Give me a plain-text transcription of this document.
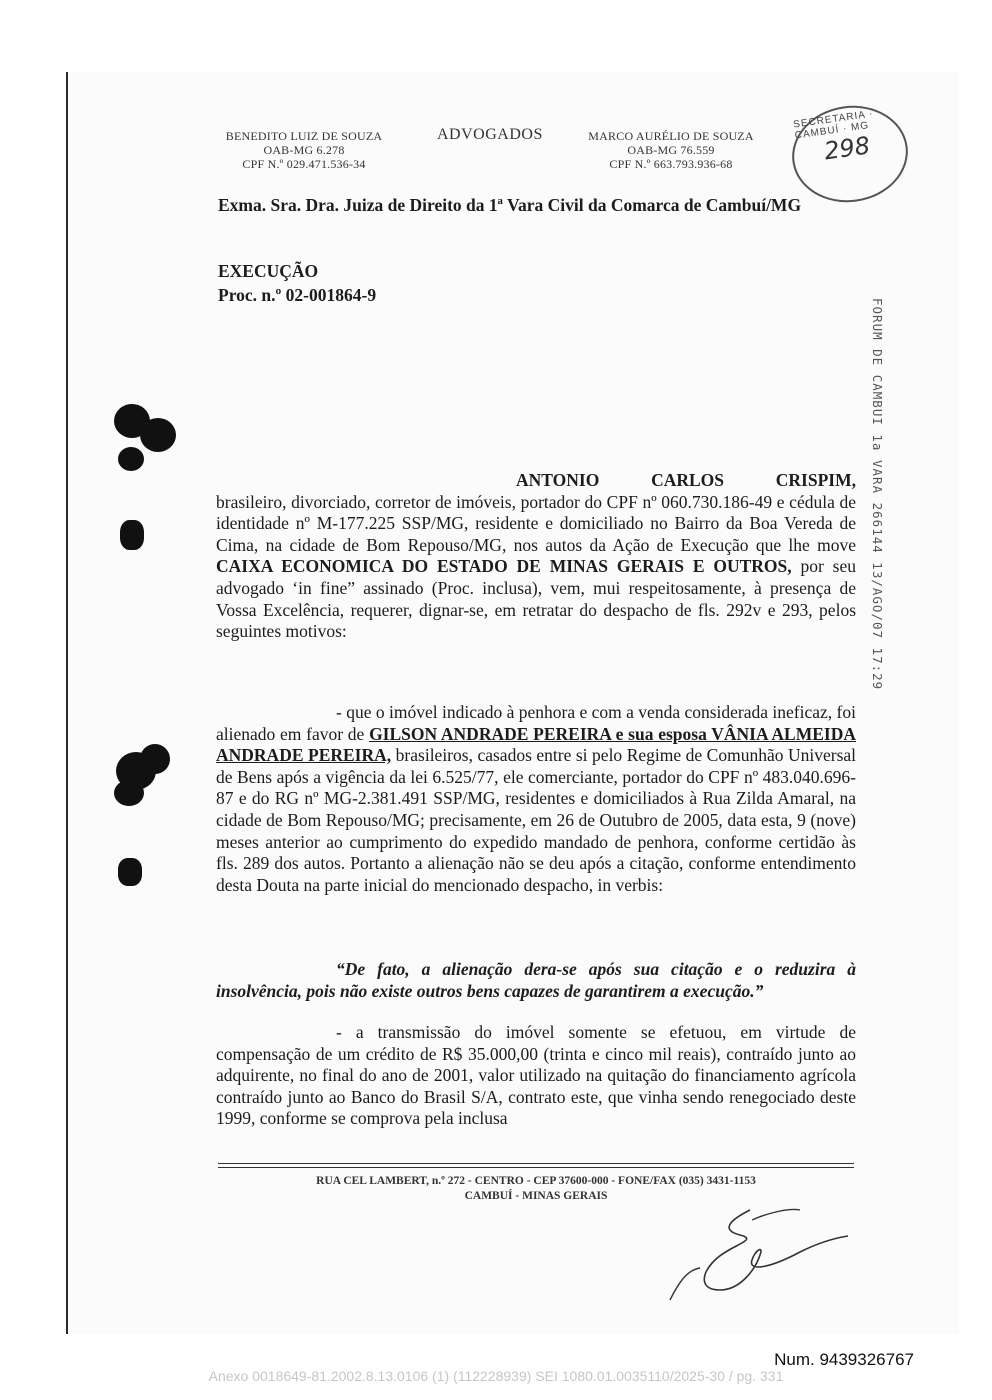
BENEDITO LUIZ DE SOUZA
OAB-MG 6.278
CPF N.º 029.471.536-34
ADVOGADOS	MARCO AURÉLIO DE SOUZA
OAB-MG 76.559
CPF N.º 663.793.936-68
SECRETARIA · CAMBUÍ · MG
298
Exma. Sra. Dra. Juiza de Direito da 1ª Vara Civil da Comarca de Cambuí/MG
EXECUÇÃO
Proc. n.º 02-001864-9
FORUM DE CAMBUI 1a VARA 266144 13/AGO/07 17:29
ANTONIO CARLOS CRISPIM,
brasileiro, divorciado, corretor de imóveis, portador do CPF nº 060.730.186-49 e cédula de identidade nº M-177.225 SSP/MG, residente e domiciliado no Bairro da Boa Vereda de Cima, na cidade de Bom Repouso/MG, nos autos da Ação de Execução que lhe move CAIXA ECONOMICA DO ESTADO DE MINAS GERAIS E OUTROS, por seu advogado ‘in fine” assinado (Proc. inclusa), vem, mui respeitosamente, à presença de Vossa Excelência, requerer, dignar-se, em retratar do despacho de fls. 292v e 293, pelos seguintes motivos:
- que o imóvel indicado à penhora e com a venda considerada ineficaz, foi alienado em favor de GILSON ANDRADE PEREIRA e sua esposa VÂNIA ALMEIDA ANDRADE PEREIRA, brasileiros, casados entre si pelo Regime de Comunhão Universal de Bens após a vigência da lei 6.525/77, ele comerciante, portador do CPF nº 483.040.696-87 e do RG nº MG-2.381.491 SSP/MG, residentes e domiciliados à Rua Zilda Amaral, na cidade de Bom Repouso/MG; precisamente, em 26 de Outubro de 2005, data esta, 9 (nove) meses anterior ao cumprimento do expedido mandado de penhora, conforme certidão às fls. 289 dos autos. Portanto a alienação não se deu após a citação, conforme entendimento desta Douta na parte inicial do mencionado despacho, in verbis:
“De fato, a alienação dera-se após sua citação e o reduzira à insolvência, pois não existe outros bens capazes de garantirem a execução.”
- a transmissão do imóvel somente se efetuou, em virtude de compensação de um crédito de R$ 35.000,00 (trinta e cinco mil reais), contraído junto ao adquirente, no final do ano de 2001, valor utilizado na quitação do financiamento agrícola contraído junto ao Banco do Brasil S/A, contrato este, que vinha sendo renegociado deste 1999, conforme se comprova pela inclusa
RUA CEL LAMBERT, n.º 272 - CENTRO - CEP 37600-000 - FONE/FAX (035) 3431-1153
CAMBUÍ - MINAS GERAIS
Num. 9439326767
Anexo 0018649-81.2002.8.13.0106 (1) (112228939) SEI 1080.01.0035110/2025-30 / pg. 331
